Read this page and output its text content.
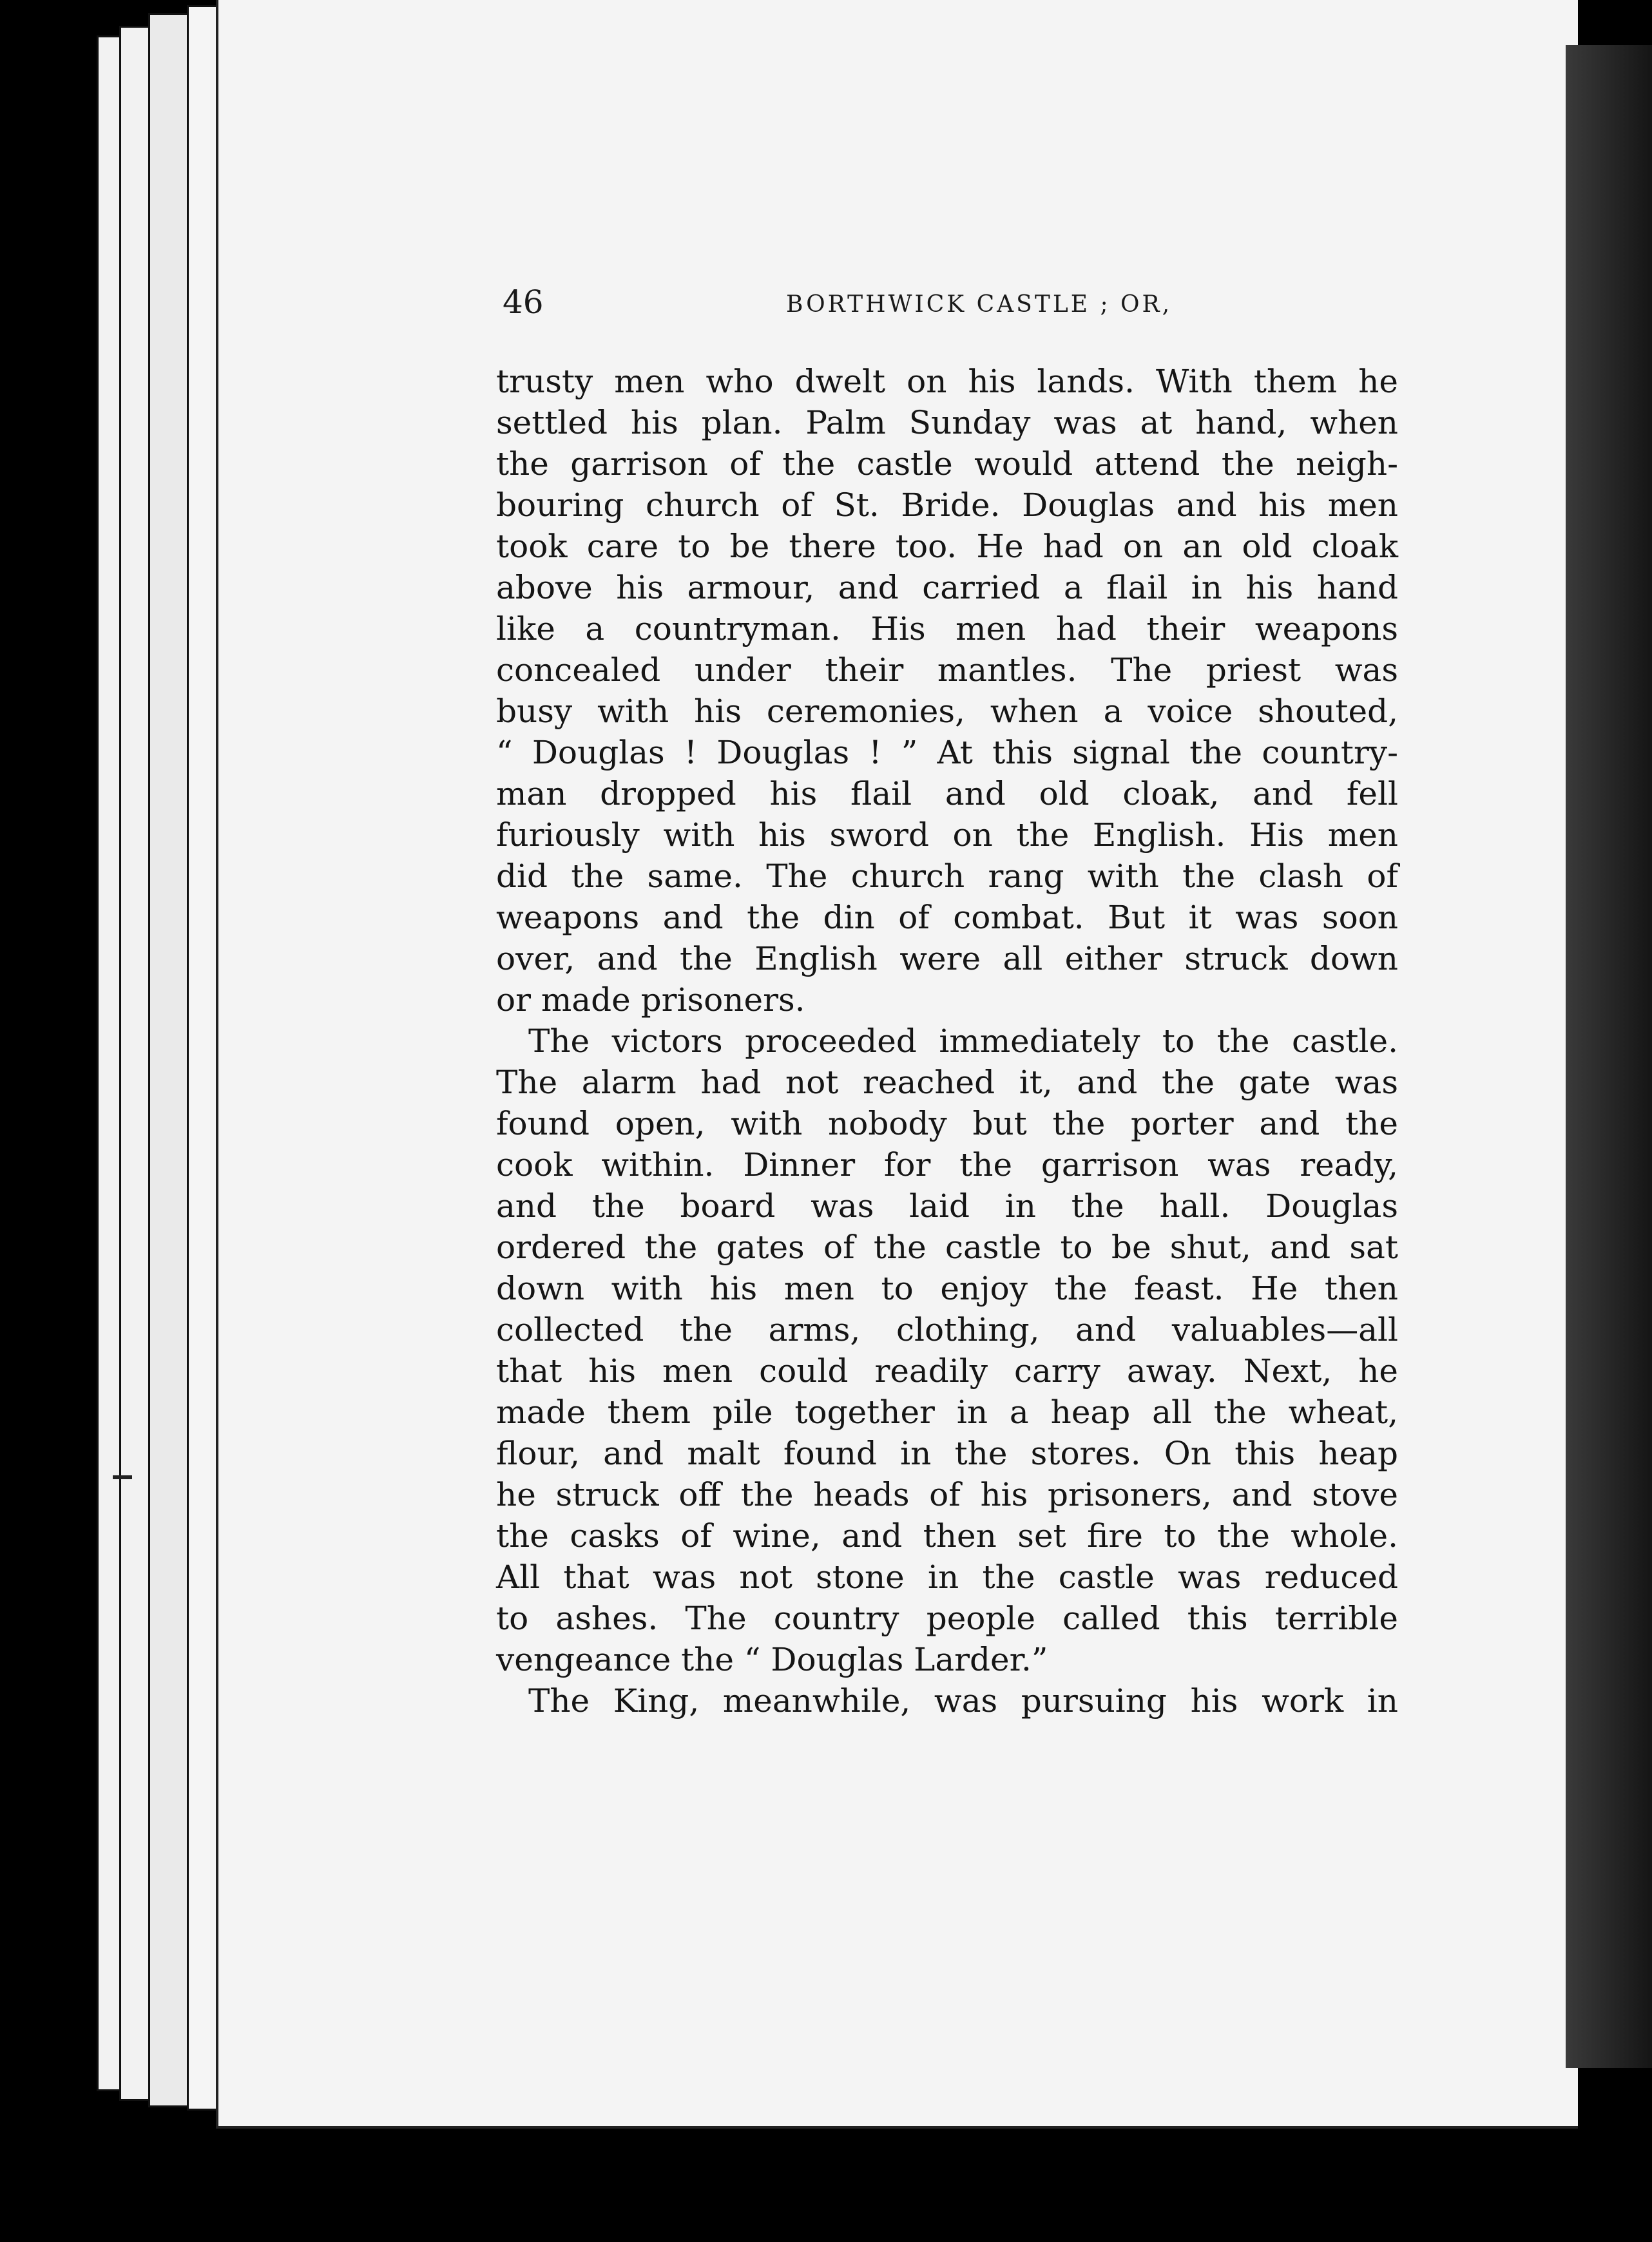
46	BORTHWICK CASTLE ; OR,
trusty men who dwelt on his lands. With them he
settled his plan. Palm Sunday was at hand, when
the garrison of the castle would attend the neigh-
bouring church of St. Bride. Douglas and his men
took care to be there too. He had on an old cloak
above his armour, and carried a flail in his hand
like a countryman. His men had their weapons
concealed under their mantles. The priest was
busy with his ceremonies, when a voice shouted,
“ Douglas ! Douglas ! ” At this signal the country-
man dropped his flail and old cloak, and fell
furiously with his sword on the English. His men
did the same. The church rang with the clash of
weapons and the din of combat. But it was soon
over, and the English were all either struck down
or made prisoners.
The victors proceeded immediately to the castle.
The alarm had not reached it, and the gate was
found open, with nobody but the porter and the
cook within. Dinner for the garrison was ready,
and the board was laid in the hall. Douglas
ordered the gates of the castle to be shut, and sat
down with his men to enjoy the feast. He then
collected the arms, clothing, and valuables—all
that his men could readily carry away. Next, he
made them pile together in a heap all the wheat,
flour, and malt found in the stores. On this heap
he struck off the heads of his prisoners, and stove
the casks of wine, and then set fire to the whole.
All that was not stone in the castle was reduced
to ashes. The country people called this terrible
vengeance the “ Douglas Larder.”
The King, meanwhile, was pursuing his work in
